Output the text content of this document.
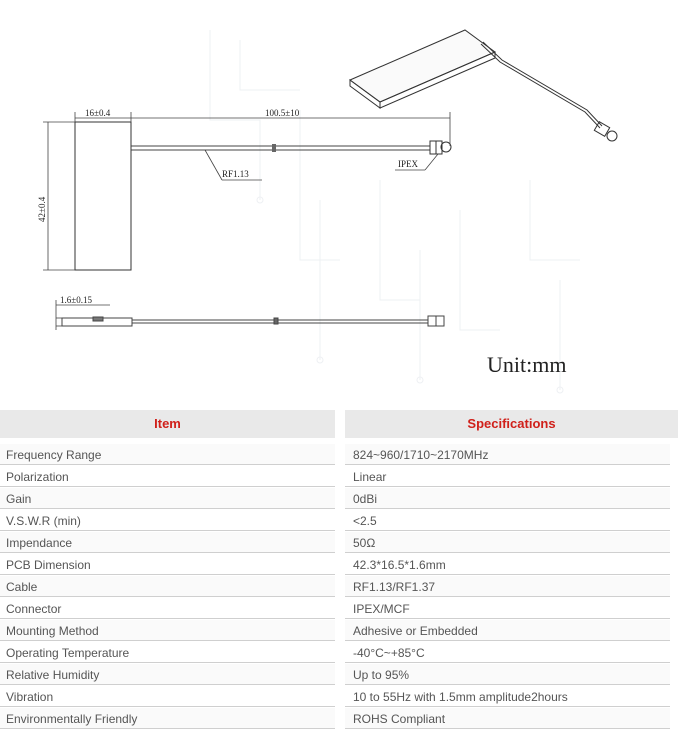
16±0.4	100.5±10
42±0.4
RF1.13
IPEX
1.6±0.15
Unit:mm
Item	Specifications
Frequency Range	824~960/1710~2170MHz
Polarization	Linear
Gain	0dBi
V.S.W.R (min)	<2.5
Impendance	50Ω
PCB Dimension	42.3*16.5*1.6mm
Cable	RF1.13/RF1.37
Connector	IPEX/MCF
Mounting Method	Adhesive or Embedded
Operating Temperature	-40°C~+85°C
Relative Humidity	Up to 95%
Vibration	10 to 55Hz with 1.5mm amplitude2hours
Environmentally Friendly	ROHS Compliant
